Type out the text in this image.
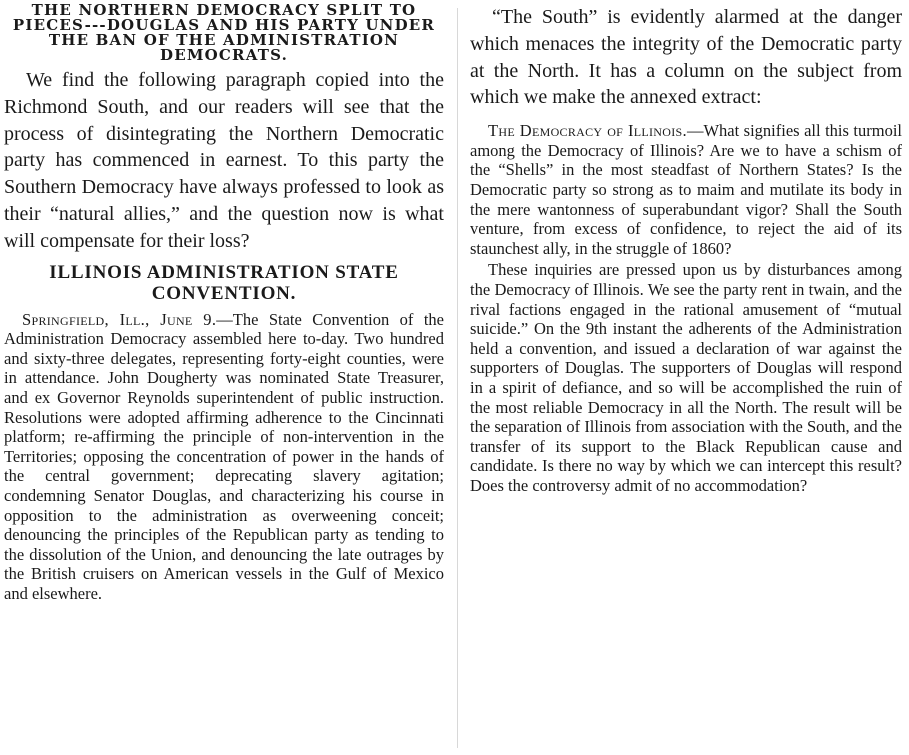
THE NORTHERN DEMOCRACY SPLIT TO PIECES---DOUGLAS AND HIS PARTY UNDER THE BAN OF THE ADMINISTRATION DEMOCRATS.

We find the following paragraph copied into the Richmond South, and our readers will see that the process of disintegrating the Northern Democratic party has commenced in earnest. To this party the Southern Democracy have always professed to look as their “natural allies,” and the question now is what will compensate for their loss?

ILLINOIS ADMINISTRATION STATE CONVENTION.

Springfield, Ill., June 9.—The State Convention of the Administration Democracy assembled here to-day. Two hundred and sixty-three delegates, representing forty-eight counties, were in attendance. John Dougherty was nominated State Treasurer, and ex Governor Reynolds superintendent of public instruction. Resolutions were adopted affirming adherence to the Cincinnati platform; re-affirming the principle of non-intervention in the Territories; opposing the concentration of power in the hands of the central government; deprecating slavery agitation; condemning Senator Douglas, and characterizing his course in opposition to the administration as overweening conceit; denouncing the principles of the Republican party as tending to the dissolution of the Union, and denouncing the late outrages by the British cruisers on American vessels in the Gulf of Mexico and elsewhere.

“The South” is evidently alarmed at the danger which menaces the integrity of the Democratic party at the North. It has a column on the subject from which we make the annexed extract:

The Democracy of Illinois.—What signifies all this turmoil among the Democracy of Illinois? Are we to have a schism of the “Shells” in the most steadfast of Northern States? Is the Democratic party so strong as to maim and mutilate its body in the mere wantonness of superabundant vigor? Shall the South venture, from excess of confidence, to reject the aid of its staunchest ally, in the struggle of 1860?

These inquiries are pressed upon us by disturbances among the Democracy of Illinois. We see the party rent in twain, and the rival factions engaged in the rational amusement of “mutual suicide.” On the 9th instant the adherents of the Administration held a convention, and issued a declaration of war against the supporters of Douglas. The supporters of Douglas will respond in a spirit of defiance, and so will be accomplished the ruin of the most reliable Democracy in all the North. The result will be the separation of Illinois from association with the South, and the transfer of its support to the Black Republican cause and candidate. Is there no way by which we can intercept this result? Does the controversy admit of no accommodation?
